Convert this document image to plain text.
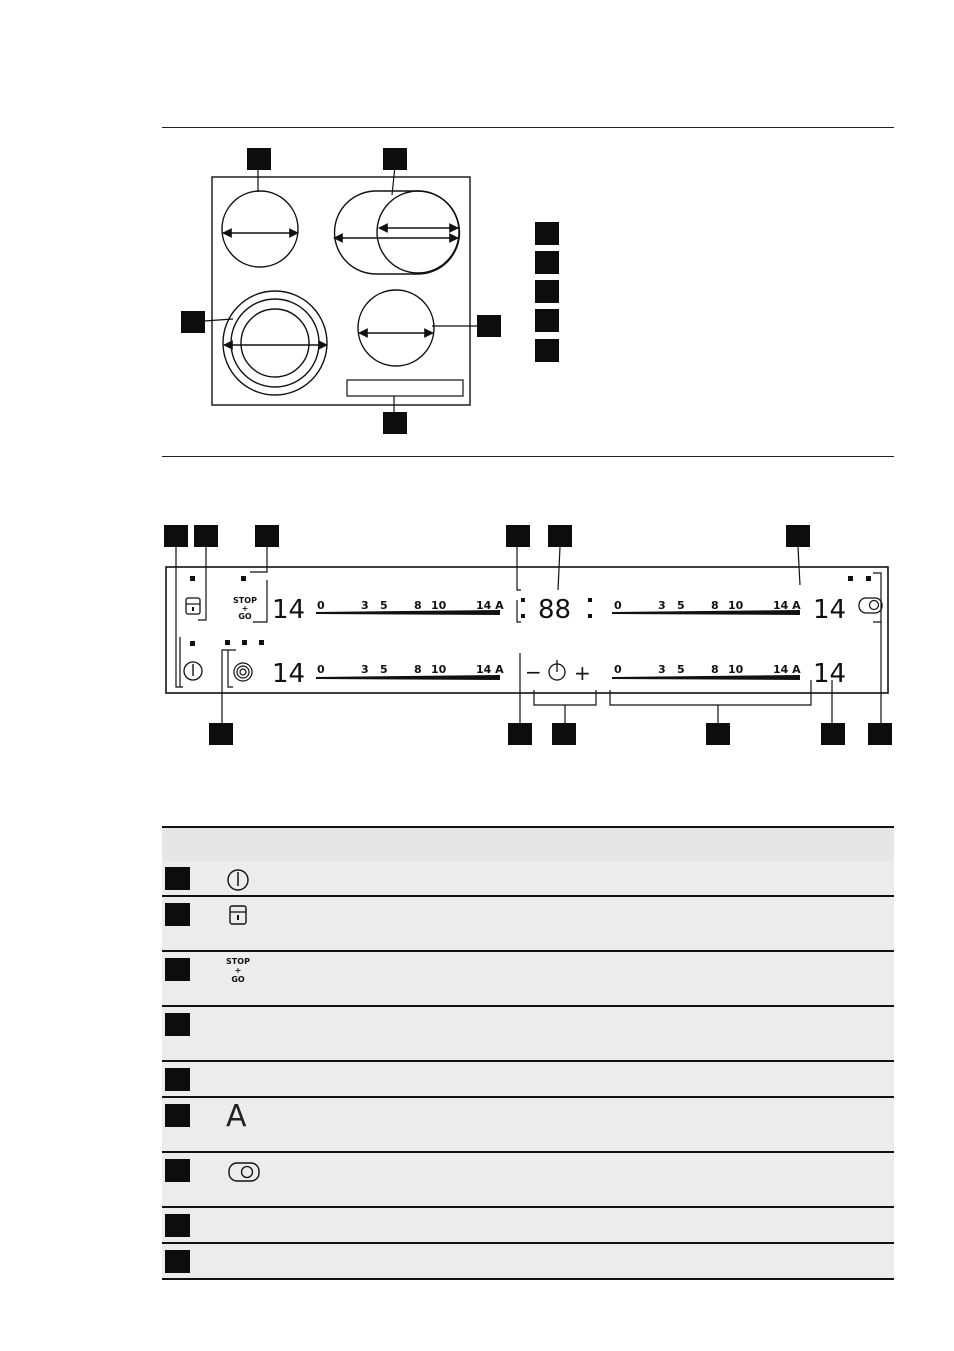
0	3 5 8 10	14 A
0	3 5 8 10	14 A
0	3 5 8 10	14 A
0	3 5 8 10	14 A
STOP
+
GO 14	88	14
14	14
− +
STOP
+
GO
A
